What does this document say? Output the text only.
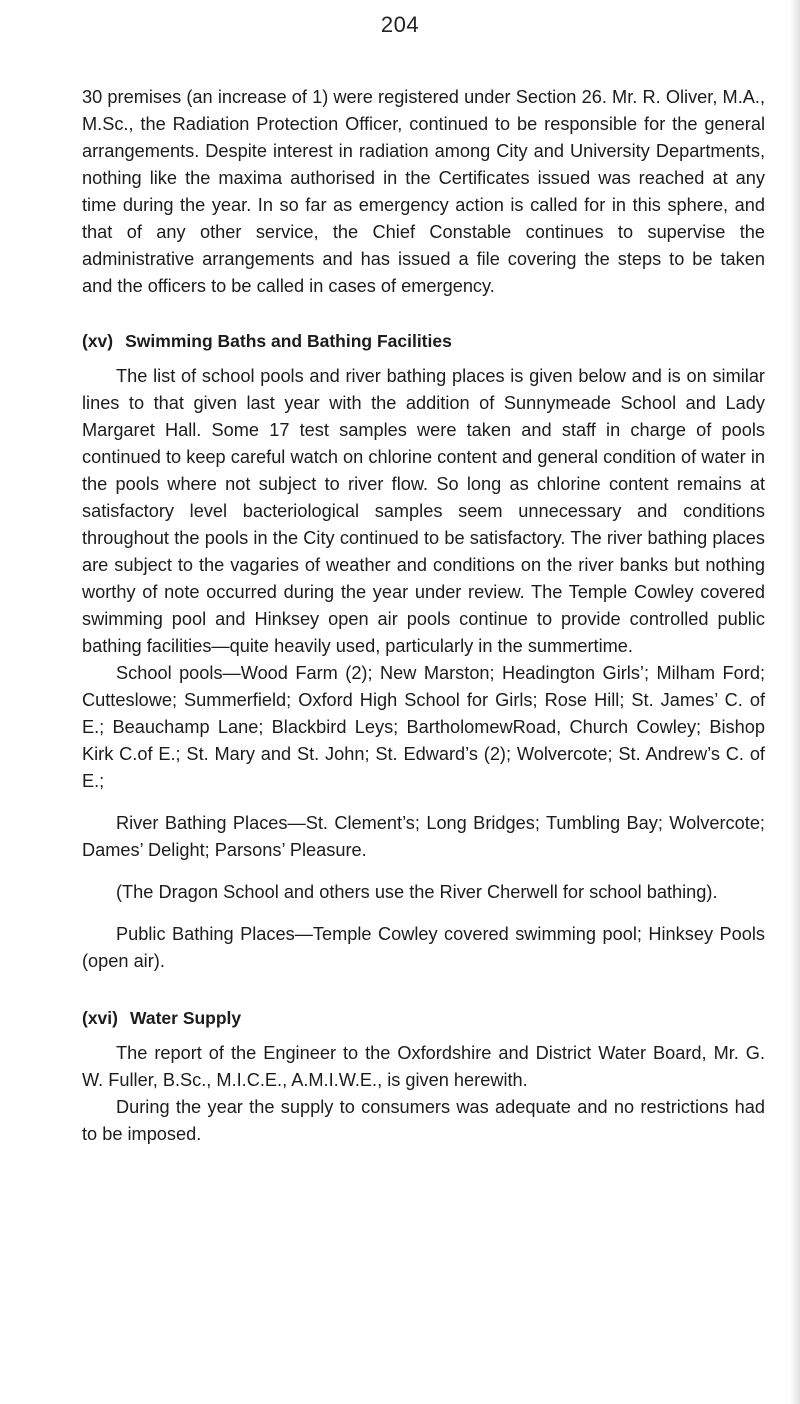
204

30 premises (an increase of 1) were registered under Section 26. Mr. R. Oliver, M.A., M.Sc., the Radiation Protection Officer, continued to be responsible for the general arrangements. Despite interest in radiation among City and University Departments, nothing like the maxima authorised in the Certificates issued was reached at any time during the year. In so far as emergency action is called for in this sphere, and that of any other service, the Chief Constable continues to supervise the administrative arrangements and has issued a file covering the steps to be taken and the officers to be called in cases of emergency.

(xv) Swimming Baths and Bathing Facilities

The list of school pools and river bathing places is given below and is on similar lines to that given last year with the addition of Sunnymeade School and Lady Margaret Hall. Some 17 test samples were taken and staff in charge of pools continued to keep careful watch on chlorine content and general condition of water in the pools where not subject to river flow. So long as chlorine content remains at satisfactory level bacteriological samples seem unnecessary and conditions throughout the pools in the City continued to be satisfactory. The river bathing places are subject to the vagaries of weather and conditions on the river banks but nothing worthy of note occurred during the year under review. The Temple Cowley covered swimming pool and Hinksey open air pools continue to provide controlled public bathing facilities—quite heavily used, particularly in the summertime.

School pools—Wood Farm (2); New Marston; Headington Girls’; Milham Ford; Cutteslowe; Summerfield; Oxford High School for Girls; Rose Hill; St. James’ C. of E.; Beauchamp Lane; Blackbird Leys; BartholomewRoad, Church Cowley; Bishop Kirk C.of E.; St. Mary and St. John; St. Edward’s (2); Wolvercote; St. Andrew’s C. of E.;

River Bathing Places—St. Clement’s; Long Bridges; Tumbling Bay; Wolvercote; Dames’ Delight; Parsons’ Pleasure.

(The Dragon School and others use the River Cherwell for school bathing).

Public Bathing Places—Temple Cowley covered swimming pool; Hinksey Pools (open air).

(xvi) Water Supply

The report of the Engineer to the Oxfordshire and District Water Board, Mr. G. W. Fuller, B.Sc., M.I.C.E., A.M.I.W.E., is given herewith.

During the year the supply to consumers was adequate and no restrictions had to be imposed.
